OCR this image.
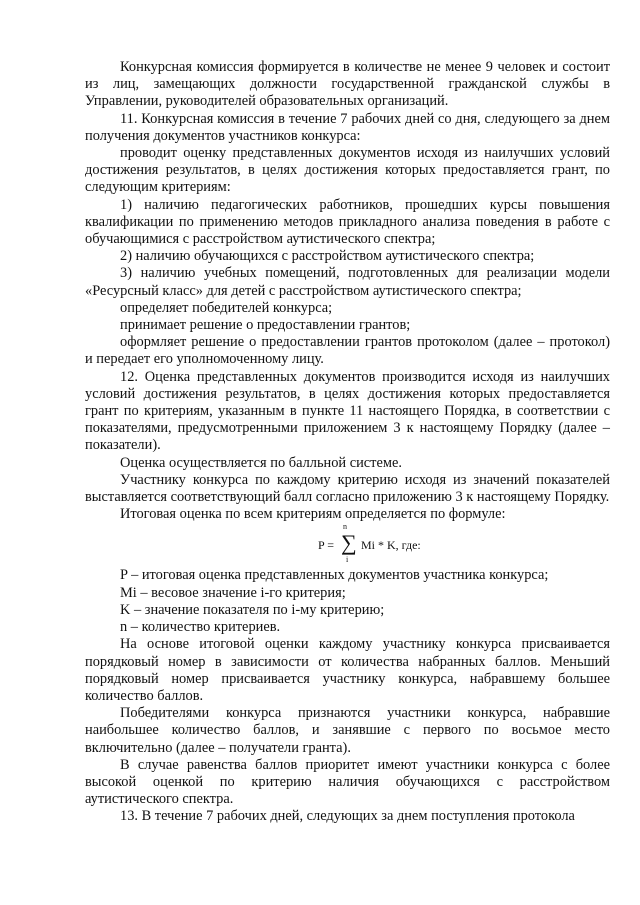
Конкурсная комиссия формируется в количестве не менее 9 человек и состоит из лиц, замещающих должности государственной гражданской службы в Управлении, руководителей образовательных организаций.

11. Конкурсная комиссия в течение 7 рабочих дней со дня, следующего за днем получения документов участников конкурса:

проводит оценку представленных документов исходя из наилучших условий достижения результатов, в целях достижения которых предоставляется грант, по следующим критериям:

1) наличию педагогических работников, прошедших курсы повышения квалификации по применению методов прикладного анализа поведения в работе с обучающимися с расстройством аутистического спектра;

2) наличию обучающихся с расстройством аутистического спектра;

3) наличию учебных помещений, подготовленных для реализации модели «Ресурсный класс» для детей с расстройством аутистического спектра;

определяет победителей конкурса;

принимает решение о предоставлении грантов;

оформляет решение о предоставлении грантов протоколом (далее – протокол) и передает его уполномоченному лицу.

12. Оценка представленных документов производится исходя из наилучших условий достижения результатов, в целях достижения которых предоставляется грант по критериям, указанным в пункте 11 настоящего Порядка, в соответствии с показателями, предусмотренными приложением 3 к настоящему Порядку (далее – показатели).

Оценка осуществляется по балльной системе.

Участнику конкурса по каждому критерию исходя из значений показателей выставляется соответствующий балл согласно приложению 3 к настоящему Порядку.

Итоговая оценка по всем критериям определяется по формуле:

P =
n
∑
i
Mi * K, где:

P – итоговая оценка представленных документов участника конкурса;

Mi – весовое значение i-го критерия;

K – значение показателя по i-му критерию;

n – количество критериев.

На основе итоговой оценки каждому участнику конкурса присваивается порядковый номер в зависимости от количества набранных баллов. Меньший порядковый номер присваивается участнику конкурса, набравшему большее количество баллов.

Победителями конкурса признаются участники конкурса, набравшие наибольшее количество баллов, и занявшие с первого по восьмое место включительно (далее – получатели гранта).

В случае равенства баллов приоритет имеют участники конкурса с более высокой оценкой по критерию наличия обучающихся с расстройством аутистического спектра.

13. В течение 7 рабочих дней, следующих за днем поступления протокола
